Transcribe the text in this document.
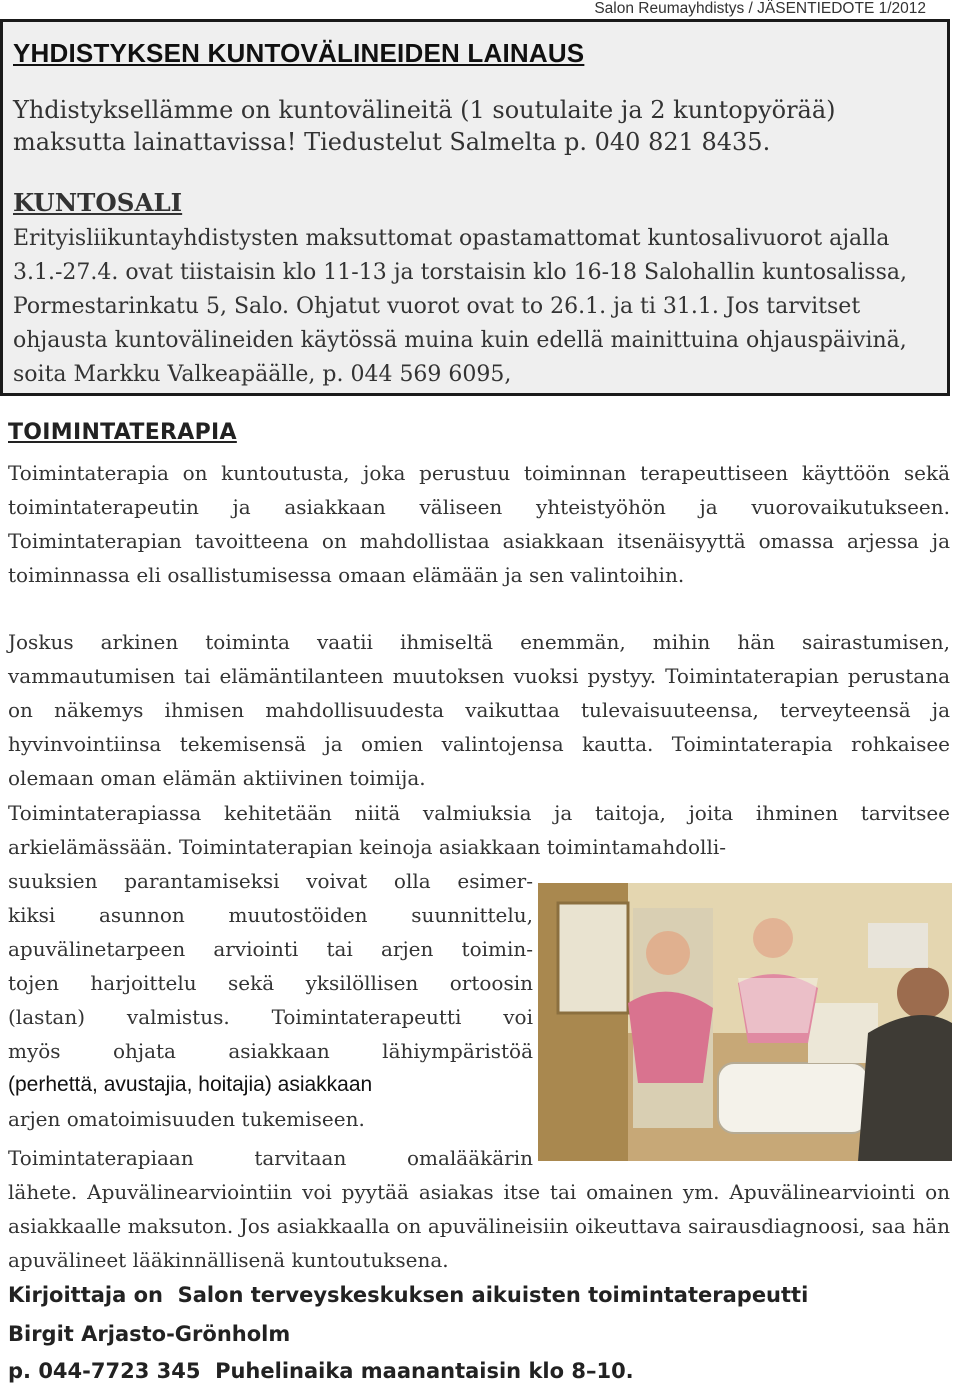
Salon Reumayhdistys / JÄSENTIEDOTE 1/2012
YHDISTYKSEN KUNTOVÄLINEIDEN LAINAUS

Yhdistyksellämme on kuntovälineitä (1 soutulaite ja 2 kuntopyörää) maksutta lainattavissa! Tiedustelut Salmelta p. 040 821 8435.

KUNTOSALI

Erityisliikuntayhdistysten maksuttomat opastamattomat kuntosalivuorot ajalla 3.1.-27.4. ovat tiistaisin klo 11-13 ja torstaisin klo 16-18 Salohallin kuntosalissa, Pormestarinkatu 5, Salo. Ohjatut vuorot ovat to 26.1. ja ti 31.1. Jos tarvitset ohjausta kuntovälineiden käytössä muina kuin edellä mainittuina ohjauspäivinä, soita Markku Valkeapäälle, p. 044 569 6095,

TOIMINTATERAPIA

Toimintaterapia on kuntoutusta, joka perustuu toiminnan terapeuttiseen käyttöön sekä toimintaterapeutin ja asiakkaan väliseen yhteistyöhön ja vuorovaikutukseen. Toimintaterapian tavoitteena on mahdollistaa asiakkaan itsenäisyyttä omassa arjessa ja toiminnassa eli osallistumisessa omaan elämään ja sen valintoihin.

Joskus arkinen toiminta vaatii ihmiseltä enemmän, mihin hän sairastumisen, vammautumisen tai elämäntilanteen muutoksen vuoksi pystyy. Toimintaterapian perustana on näkemys ihmisen mahdollisuudesta vaikuttaa tulevaisuuteensa, terveyteensä ja hyvinvointiinsa tekemisensä ja omien valintojensa kautta. Toimintaterapia rohkaisee olemaan oman elämän aktiivinen toimija.

Toimintaterapiassa kehitetään niitä valmiuksia ja taitoja, joita ihminen tarvitsee arkielämässään. Toimintaterapian keinoja asiakkaan toimintamahdolli-

suuksien parantamiseksi voivat olla esimer-
kiksi asunnon muutostöiden suunnittelu,
apuvälinetarpeen arviointi tai arjen toimin-
tojen harjoittelu sekä yksilöllisen ortoosin
(lastan) valmistus. Toimintaterapeutti voi
myös ohjata asiakkaan lähiympäristöä
(perhettä, avustajia, hoitajia) asiakkaan

arjen omatoimisuuden tukemiseen.

Toimintaterapiaan tarvitaan omalääkärin

lähete. Apuvälinearviointiin voi pyytää asiakas itse tai omainen ym. Apuvälinearviointi on asiakkaalle maksuton. Jos asiakkaalla on apuvälineisiin oikeuttava sairausdiagnoosi, saa hän apuvälineet lääkinnällisenä kuntoutuksena.

Kirjoittaja on  Salon terveyskeskuksen aikuisten toimintaterapeutti

Birgit Arjasto-Grönholm

p. 044-7723 345  Puhelinaika maanantaisin klo 8–10.
